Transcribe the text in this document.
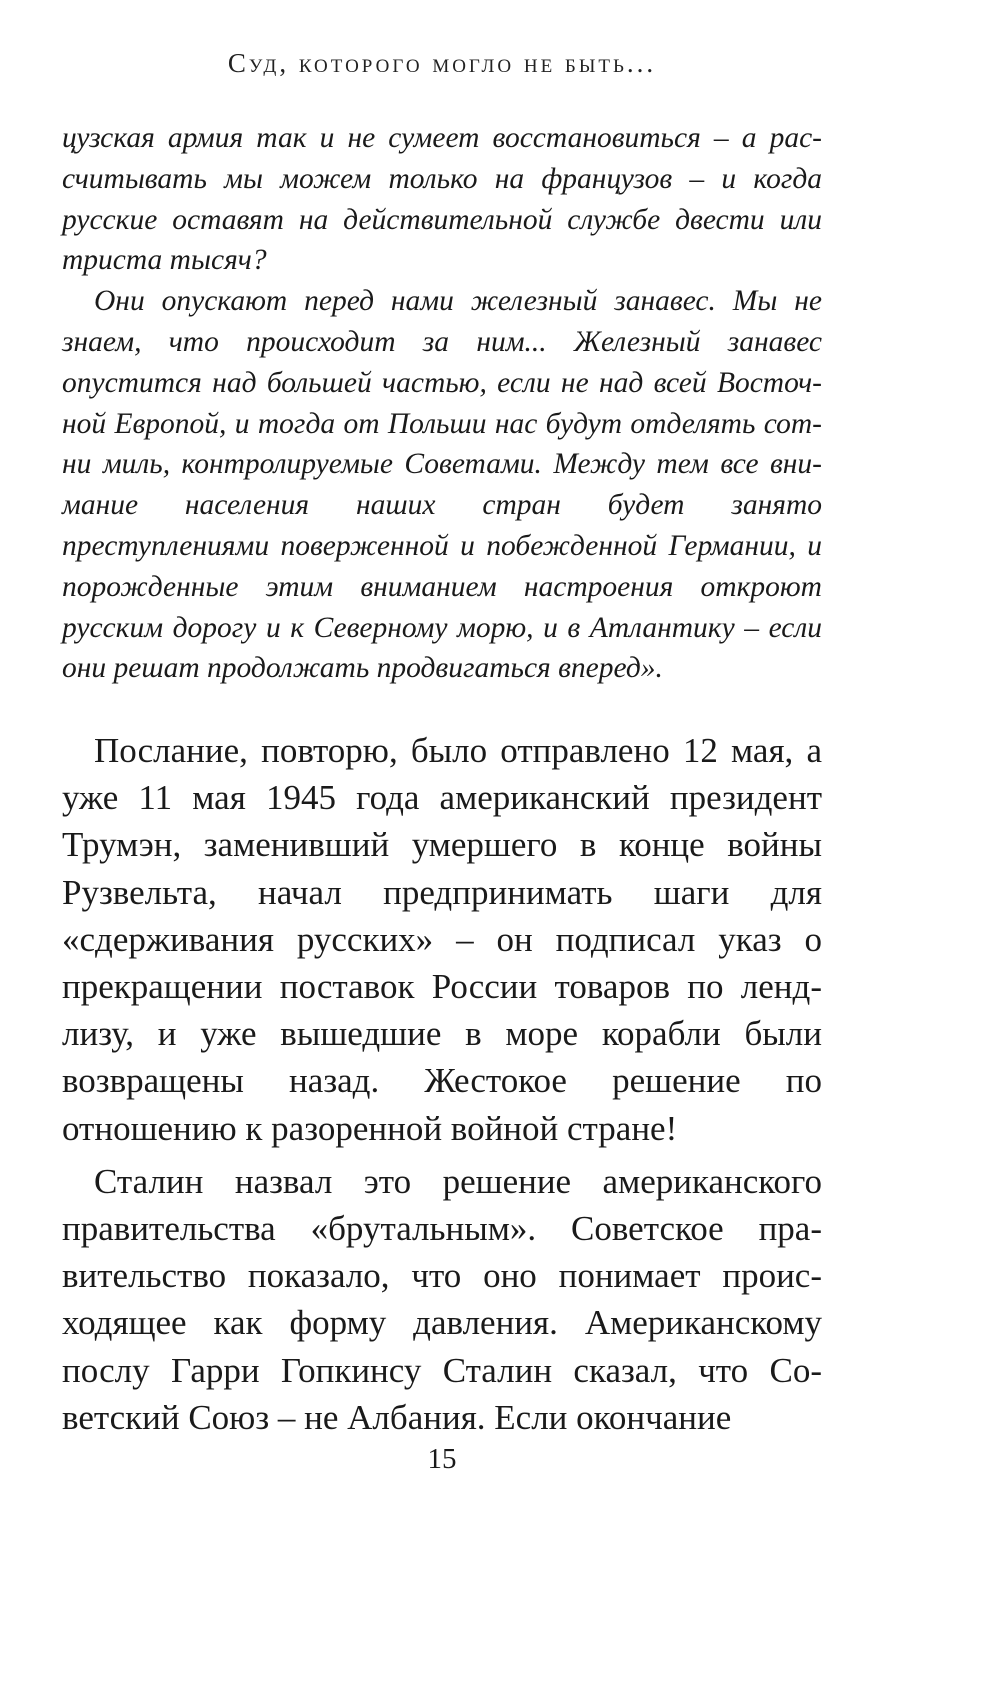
Суд, которого могло не быть...

цузская армия так и не сумеет восстановиться – а рассчитывать мы можем только на французов – и когда русские оставят на действительной службе двести или триста тысяч?

Они опускают перед нами железный занавес. Мы не знаем, что происходит за ним... Железный занавес опустится над большей частью, если не над всей Восточной Европой, и тогда от Польши нас будут отделять сотни миль, контролируемые Советами. Между тем все внимание населения наших стран будет занято преступлениями поверженной и побежденной Германии, и порожденные этим вниманием настроения откроют русским дорогу и к Северному морю, и в Атлантику – если они решат продолжать продвигаться вперед».

Послание, повторю, было отправлено 12 мая, а уже 11 мая 1945 года американский президент Трумэн, заменивший умершего в конце войны Рузвельта, начал предпринимать шаги для «сдерживания русских» – он подписал указ о прекращении поставок России товаров по ленд-лизу, и уже вышедшие в море корабли были возвращены назад. Жестокое решение по отношению к разоренной войной стране!

Сталин назвал это решение американского правительства «брутальным». Советское правительство показало, что оно понимает происходящее как форму давления. Американскому послу Гарри Гопкинсу Сталин сказал, что Советский Союз – не Албания. Если окончание

15
